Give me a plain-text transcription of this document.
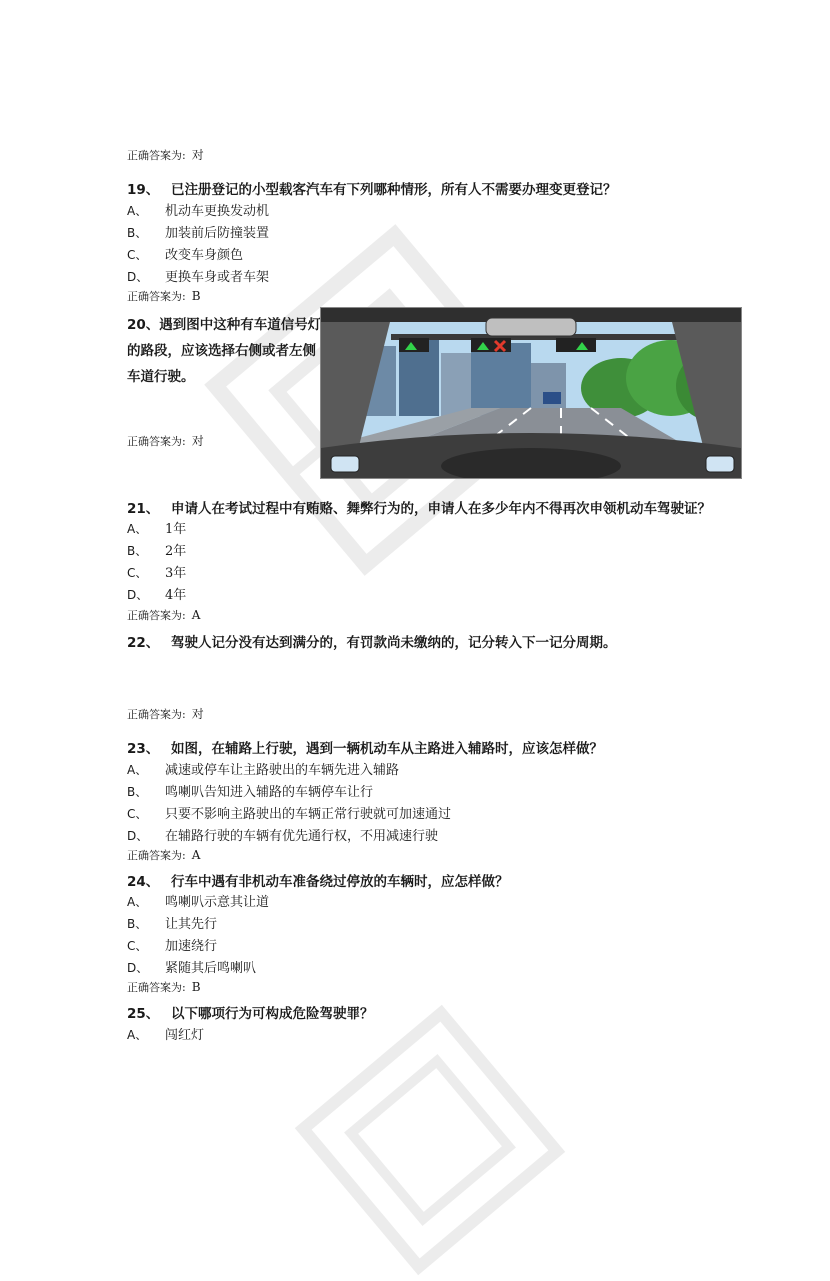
正确答案为: 对
19、 已注册登记的小型载客汽车有下列哪种情形，所有人不需要办理变更登记？
A、 机动车更换发动机
B、 加装前后防撞装置
C、 改变车身颜色
D、 更换车身或者车架
正确答案为: B
20、遇到图中这种有车道信号灯的路段，应该选择右侧或者左侧车道行驶。
正确答案为: 对
21、 申请人在考试过程中有贿赂、舞弊行为的，申请人在多少年内不得再次申领机动车驾驶证？
A、 1年
B、 2年
C、 3年
D、 4年
正确答案为: A
22、 驾驶人记分没有达到满分的，有罚款尚未缴纳的，记分转入下一记分周期。
正确答案为: 对
23、 如图，在辅路上行驶，遇到一辆机动车从主路进入辅路时，应该怎样做？
A、 减速或停车让主路驶出的车辆先进入辅路
B、 鸣喇叭告知进入辅路的车辆停车让行
C、 只要不影响主路驶出的车辆正常行驶就可加速通过
D、 在辅路行驶的车辆有优先通行权，不用减速行驶
正确答案为: A
24、 行车中遇有非机动车准备绕过停放的车辆时，应怎样做？
A、 鸣喇叭示意其让道
B、 让其先行
C、 加速绕行
D、 紧随其后鸣喇叭
正确答案为: B
25、 以下哪项行为可构成危险驾驶罪？
A、 闯红灯
